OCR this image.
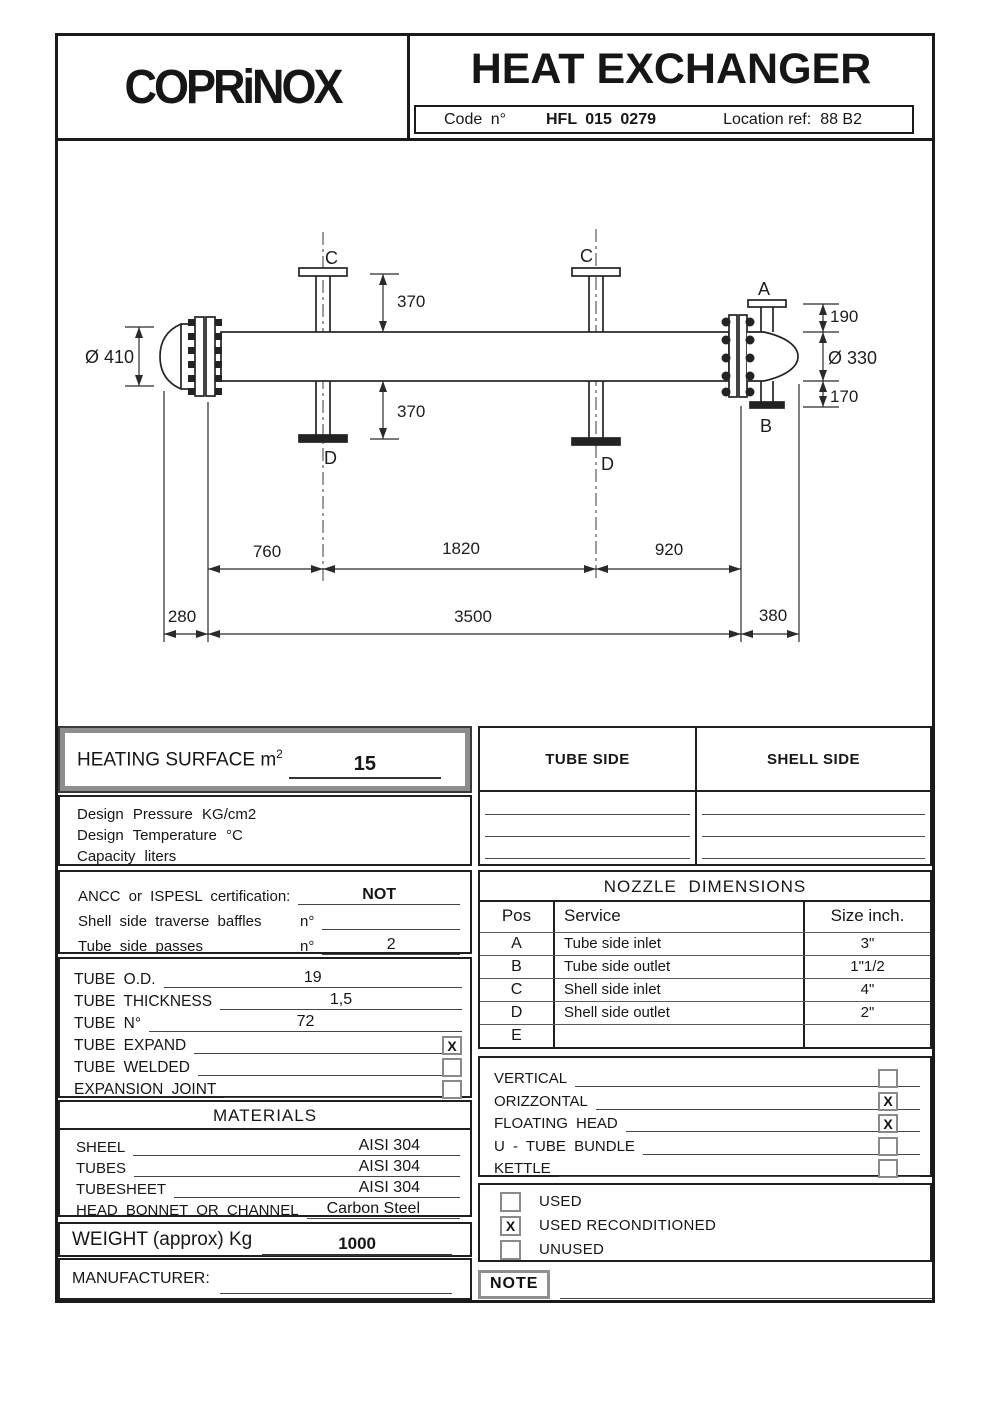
COPRiNOX	HEAT EXCHANGER
Code n°	HFL 015 0279	Location ref: 88 B2
C	C
D	D
A
B
Ø 410
370
370
190
Ø 330
170
760	1820	920
280	3500	380
HEATING SURFACE $m^2$	15
Design Pressure KG/cm2
Design Temperature °C
Capacity liters
ANCC or ISPESL certification:	NOT
Shell side traverse baffles	n°
Tube side passes	n°	2
TUBE O.D.	19
TUBE THICKNESS	1,5
TUBE N°	72
TUBE EXPAND	X
TUBE WELDED
EXPANSION JOINT
MATERIALS
SHEEL	AISI 304
TUBES	AISI 304
TUBESHEET	AISI 304
HEAD BONNET OR CHANNEL	Carbon Steel
WEIGHT (approx) Kg	1000
MANUFACTURER:
TUBE SIDE	SHELL SIDE
NOZZLE DIMENSIONS
Pos	Service	Size inch.
A	Tube side inlet	3"
B	Tube side outlet	1"1/2
C	Shell side inlet	4"
D	Shell side outlet	2"
E
VERTICAL
ORIZZONTAL	X
FLOATING HEAD	X
U - TUBE BUNDLE
KETTLE
USED
X	USED RECONDITIONED
UNUSED
NOTE
